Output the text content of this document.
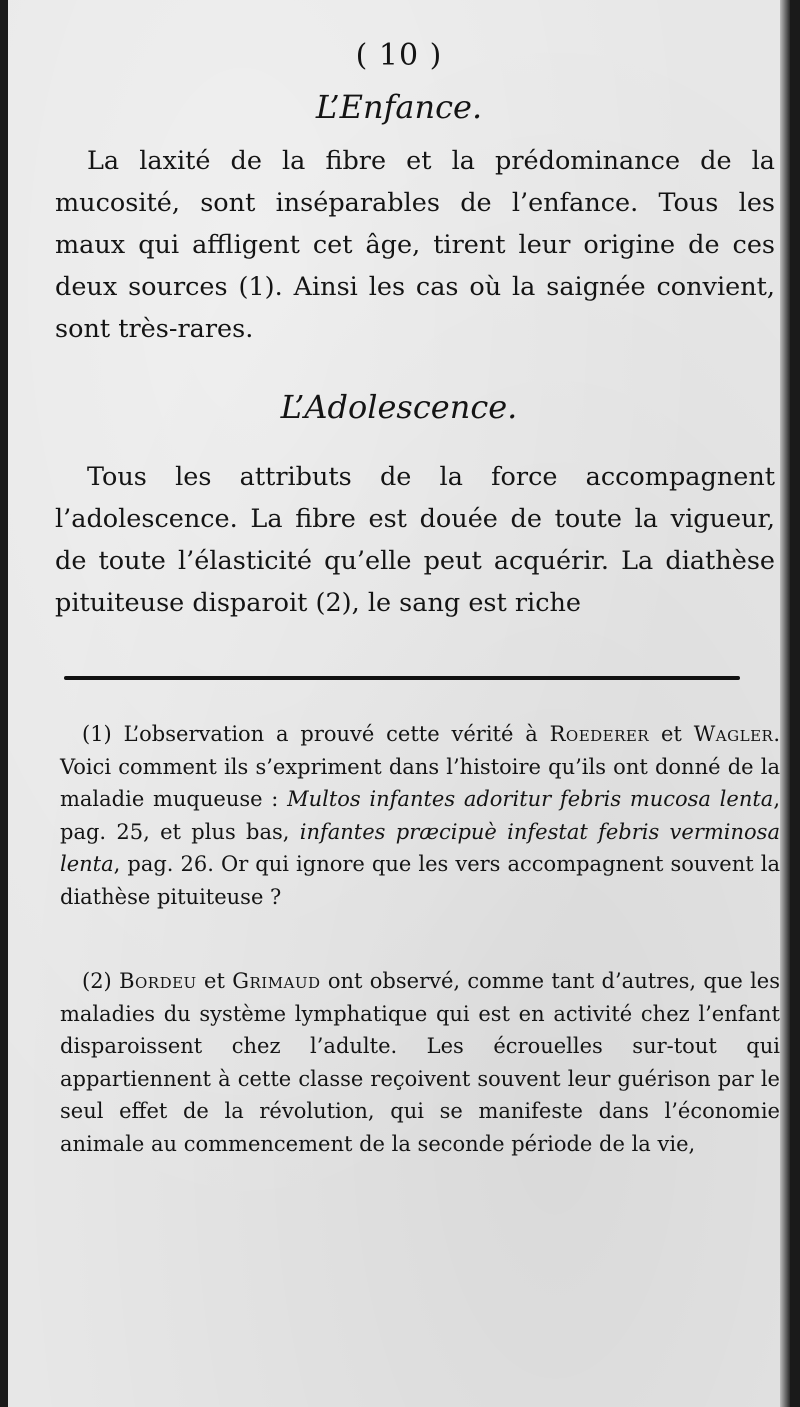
( 10 )
L’Enfance.

La laxité de la fibre et la prédominance de la mucosité, sont inséparables de l’enfance. Tous les maux qui affligent cet âge, tirent leur origine de ces deux sources (1). Ainsi les cas où la saignée convient, sont très-rares.

L’Adolescence.

Tous les attributs de la force accompagnent l’adolescence. La fibre est douée de toute la vigueur, de toute l’élasticité qu’elle peut acquérir. La diathèse pituiteuse disparoit (2), le sang est riche

(1) L’observation a prouvé cette vérité à Roederer et Wagler. Voici comment ils s’expriment dans l’histoire qu’ils ont donné de la maladie muqueuse : Multos infantes adoritur febris mucosa lenta, pag. 25, et plus bas, infantes præcipuè infestat febris verminosa lenta, pag. 26. Or qui ignore que les vers accompagnent souvent la diathèse pituiteuse ?

(2) Bordeu et Grimaud ont observé, comme tant d’autres, que les maladies du système lymphatique qui est en activité chez l’enfant disparoissent chez l’adulte. Les écrouelles sur-tout qui appartiennent à cette classe reçoivent souvent leur guérison par le seul effet de la révolution, qui se manifeste dans l’économie animale au commencement de la seconde période de la vie,
